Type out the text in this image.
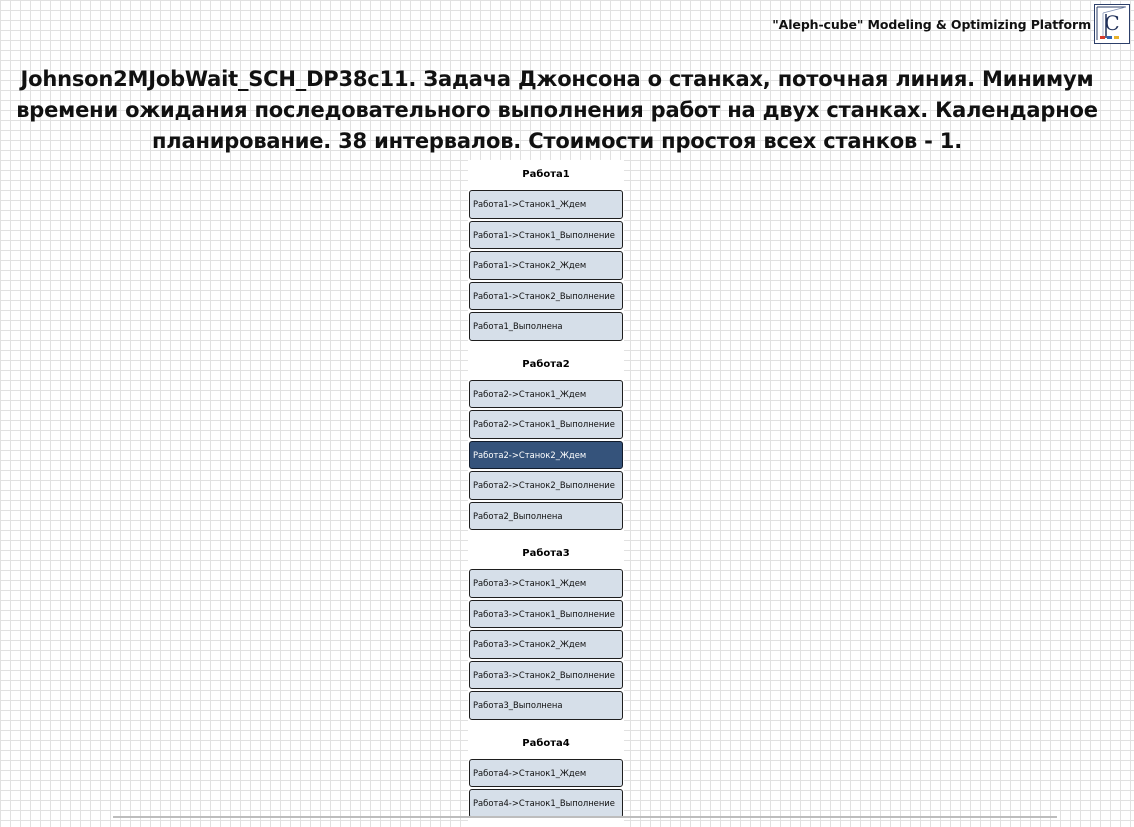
"Aleph-cube" Modeling & Optimizing Platform C
Johnson2MJobWait_SCH_DP38c11. Задача Джонсона о станках, поточная линия. Минимум времени ожидания последовательного выполнения работ на двух станках. Календарное планирование. 38 интервалов. Стоимости простоя всех станков - 1.
Работа1
Работа1->Станок1_Ждем
Работа1->Станок1_Выполнение
Работа1->Станок2_Ждем
Работа1->Станок2_Выполнение
Работа1_Выполнена
Работа2
Работа2->Станок1_Ждем
Работа2->Станок1_Выполнение
Работа2->Станок2_Ждем
Работа2->Станок2_Выполнение
Работа2_Выполнена
Работа3
Работа3->Станок1_Ждем
Работа3->Станок1_Выполнение
Работа3->Станок2_Ждем
Работа3->Станок2_Выполнение
Работа3_Выполнена
Работа4
Работа4->Станок1_Ждем
Работа4->Станок1_Выполнение
